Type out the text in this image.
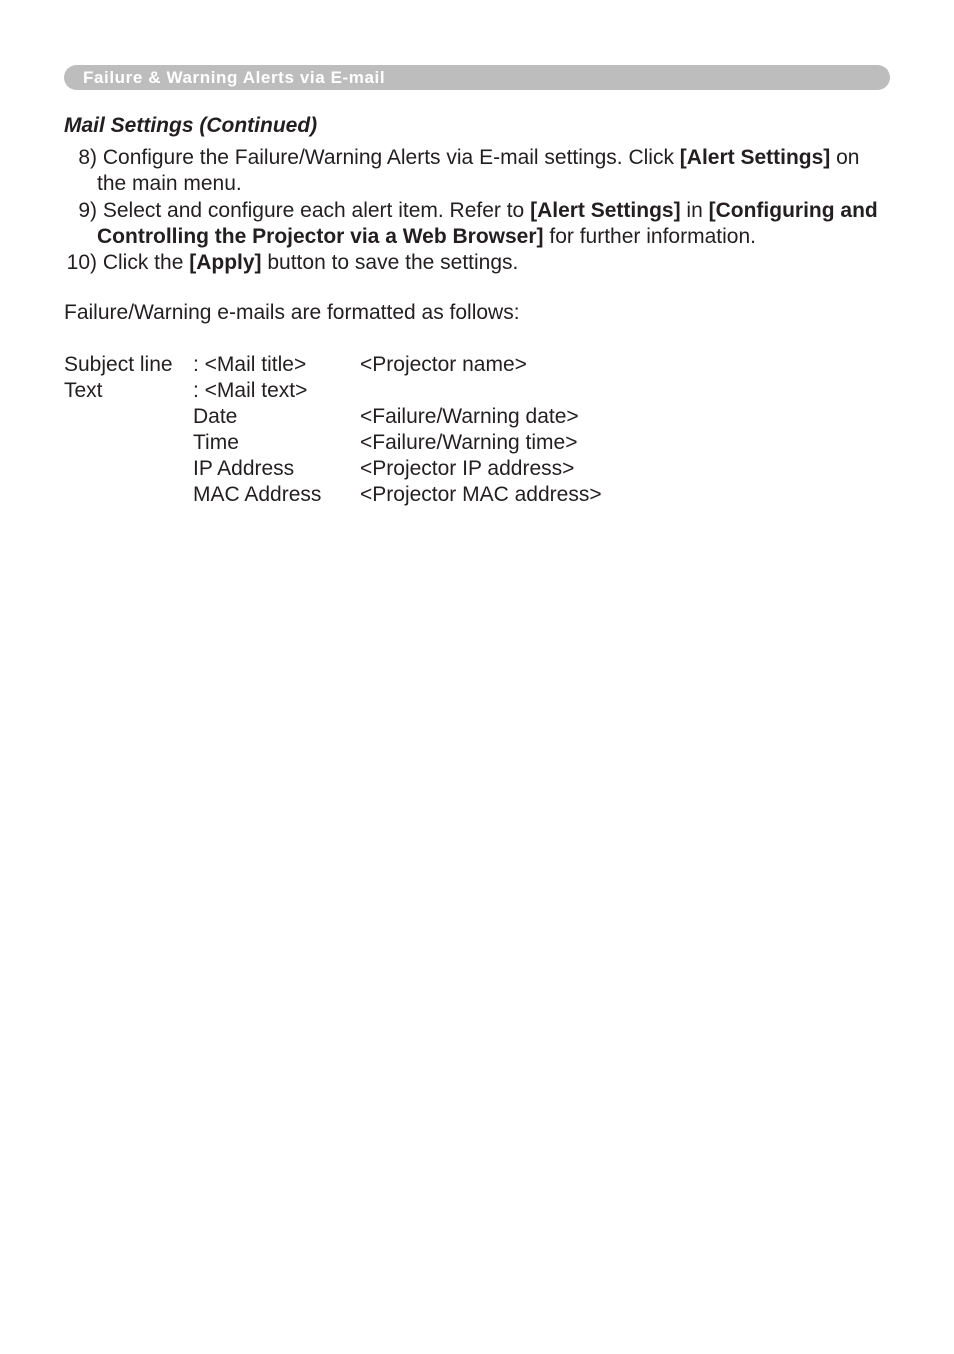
Failure & Warning Alerts via E-mail
Mail Settings (Continued)
8) Configure the Failure/Warning Alerts via E-mail settings. Click [Alert Settings] on the main menu.
9) Select and configure each alert item. Refer to [Alert Settings] in [Configuring and Controlling the Projector via a Web Browser] for further information.
10) Click the [Apply] button to save the settings.
Failure/Warning e-mails are formatted as follows:
Subject line : <Mail title>	<Projector name>
Text	: <Mail text>
Date	<Failure/Warning date>
Time	<Failure/Warning time>
IP Address	<Projector IP address>
MAC Address <Projector MAC address>
